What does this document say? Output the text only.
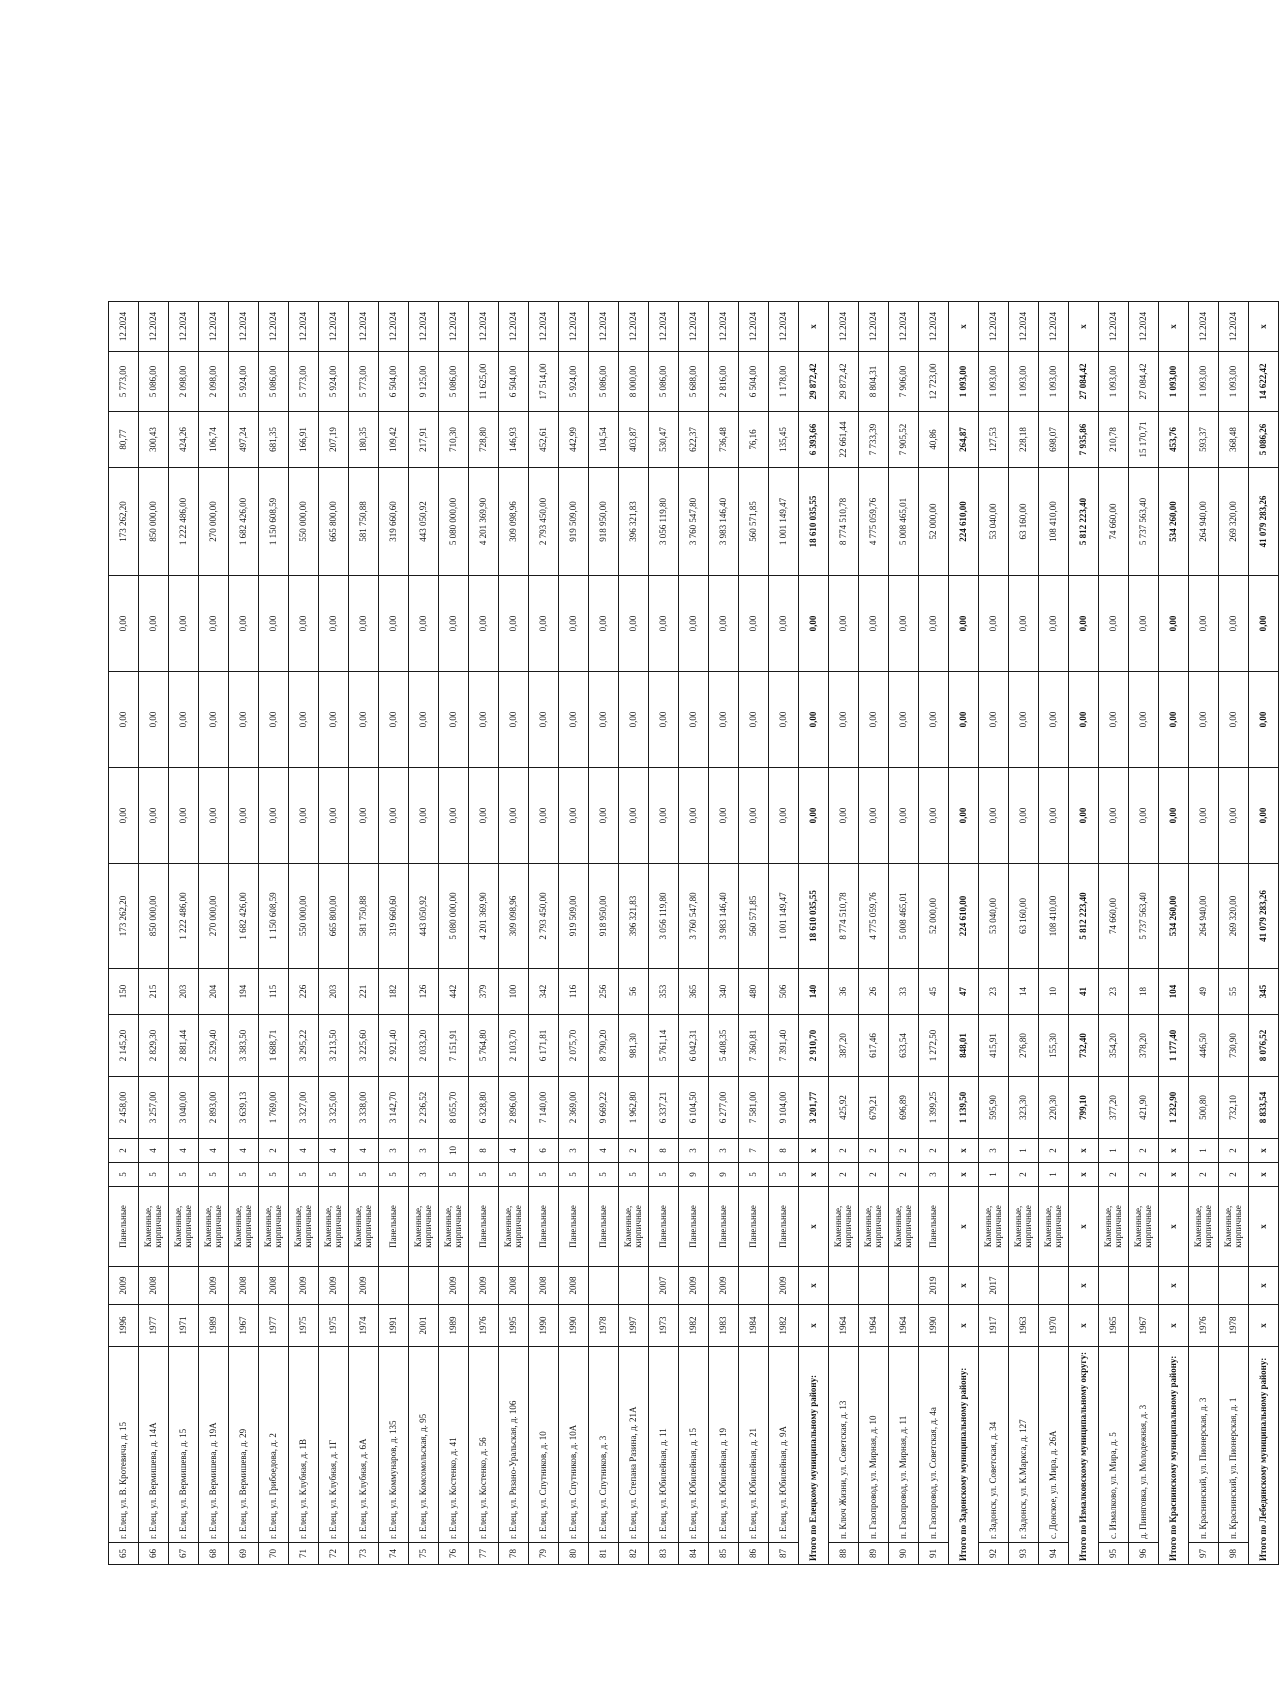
65	г. Елец, ул. В. Кротевича, д. 15	1996	2009	Панельные	5	2	2 458,00	2 145,20	150	173 262,20	0,00	0,00	0,00	173 262,20	80,77	5 773,00	12.2024
66	г. Елец, ул. Вермишева, д. 14А	1977	2008	Каменные, кирпичные	5	4	3 257,00	2 829,30	215	850 000,00	0,00	0,00	0,00	850 000,00	300,43	5 086,00	12.2024
67	г. Елец, ул. Вермишева, д. 15	1971		Каменные, кирпичные	5	4	3 040,00	2 881,44	203	1 222 486,00	0,00	0,00	0,00	1 222 486,00	424,26	2 098,00	12.2024
68	г. Елец, ул. Вермишева, д. 19А	1989	2009	Каменные, кирпичные	5	4	2 893,00	2 529,40	204	270 000,00	0,00	0,00	0,00	270 000,00	106,74	2 098,00	12.2024
69	г. Елец, ул. Вермишева, д. 29	1967	2008	Каменные, кирпичные	5	4	3 639,13	3 383,50	194	1 682 426,00	0,00	0,00	0,00	1 682 426,00	497,24	5 924,00	12.2024
70	г. Елец, ул. Грибоедова, д. 2	1977	2008	Каменные, кирпичные	5	2	1 769,00	1 688,71	115	1 150 608,59	0,00	0,00	0,00	1 150 608,59	681,35	5 086,00	12.2024
71	г. Елец, ул. Клубная, д. 1В	1975	2009	Каменные, кирпичные	5	4	3 327,00	3 295,22	226	550 000,00	0,00	0,00	0,00	550 000,00	166,91	5 773,00	12.2024
72	г. Елец, ул. Клубная, д. 1Г	1975	2009	Каменные, кирпичные	5	4	3 325,00	3 213,50	203	665 800,00	0,00	0,00	0,00	665 800,00	207,19	5 924,00	12.2024
73	г. Елец, ул. Клубная, д. 6А	1974	2009	Каменные, кирпичные	5	4	3 338,00	3 225,60	221	581 750,88	0,00	0,00	0,00	581 750,88	180,35	5 773,00	12.2024
74	г. Елец, ул. Коммунаров, д. 135	1991		Панельные	5	3	3 142,70	2 921,40	182	319 660,60	0,00	0,00	0,00	319 660,60	109,42	6 504,00	12.2024
75	г. Елец, ул. Комсомольская, д. 95	2001		Каменные, кирпичные	3	3	2 236,52	2 033,20	126	443 050,92	0,00	0,00	0,00	443 050,92	217,91	9 125,00	12.2024
76	г. Елец, ул. Костенко, д. 41	1989	2009	Каменные, кирпичные	5	10	8 055,70	7 151,91	442	5 080 000,00	0,00	0,00	0,00	5 080 000,00	710,30	5 086,00	12.2024
77	г. Елец, ул. Костенко, д. 56	1976	2009	Панельные	5	8	6 328,80	5 764,80	379	4 201 369,90	0,00	0,00	0,00	4 201 369,90	728,80	11 625,00	12.2024
78	г. Елец, ул. Рязано-Уральская, д. 106	1995	2008	Каменные, кирпичные	5	4	2 896,00	2 103,70	100	309 098,96	0,00	0,00	0,00	309 098,96	146,93	6 504,00	12.2024
79	г. Елец, ул. Спутников, д. 10	1990	2008	Панельные	5	6	7 140,00	6 171,81	342	2 793 450,00	0,00	0,00	0,00	2 793 450,00	452,61	17 514,00	12.2024
80	г. Елец, ул. Спутников, д. 10А	1990	2008	Панельные	5	3	2 369,00	2 075,70	116	919 509,00	0,00	0,00	0,00	919 509,00	442,99	5 924,00	12.2024
81	г. Елец, ул. Спутников, д. 3	1978		Панельные	5	4	9 669,22	8 790,20	256	918 950,00	0,00	0,00	0,00	918 950,00	104,54	5 086,00	12.2024
82	г. Елец, ул. Степана Разина, д. 21А	1997		Каменные, кирпичные	5	2	1 962,80	981,30	56	396 321,83	0,00	0,00	0,00	396 321,83	403,87	8 000,00	12.2024
83	г. Елец, ул. Юбилейная, д. 11	1973	2007	Панельные	5	8	6 337,21	5 761,14	353	3 056 119,80	0,00	0,00	0,00	3 056 119,80	530,47	5 086,00	12.2024
84	г. Елец, ул. Юбилейная, д. 15	1982	2009	Панельные	9	3	6 104,50	6 042,31	365	3 760 547,80	0,00	0,00	0,00	3 760 547,80	622,37	5 688,00	12.2024
85	г. Елец, ул. Юбилейная, д. 19	1983	2009	Панельные	9	3	6 277,00	5 408,35	340	3 983 146,40	0,00	0,00	0,00	3 983 146,40	736,48	2 816,00	12.2024
86	г. Елец, ул. Юбилейная, д. 21	1984		Панельные	5	7	7 581,00	7 360,81	480	560 571,85	0,00	0,00	0,00	560 571,85	76,16	6 504,00	12.2024
87	г. Елец, ул. Юбилейная, д. 9А	1982	2009	Панельные	5	8	9 104,00	7 391,40	506	1 001 149,47	0,00	0,00	0,00	1 001 149,47	135,45	1 178,00	12.2024
Итого по Елецкому муниципальному району:		х	х	х	х	х	3 201,77	2 910,70	140	18 610 035,55	0,00	0,00	0,00	18 610 035,55	6 393,66	29 872,42	х
88	п. Ключ Жизни, ул. Советская, д. 13	1964		Каменные, кирпичные	2	2	425,92	387,20	36	8 774 510,78	0,00	0,00	0,00	8 774 510,78	22 661,44	29 872,42	12.2024
89	п. Газопровод, ул. Мирная, д. 10	1964		Каменные, кирпичные	2	2	679,21	617,46	26	4 775 059,76	0,00	0,00	0,00	4 775 059,76	7 733,39	8 804,31	12.2024
90	п. Газопровод, ул. Мирная, д. 11	1964		Каменные, кирпичные	2	2	696,89	633,54	33	5 008 465,01	0,00	0,00	0,00	5 008 465,01	7 905,52	7 906,00	12.2024
91	п. Газопровод, ул. Советская, д. 4а	1990	2019	Панельные	3	2	1 399,25	1 272,50	45	52 000,00	0,00	0,00	0,00	52 000,00	40,86	12 723,00	12.2024
Итого по Задонскому муниципальному району:		х	х	х	х	х	1 139,50	848,01	47	224 610,00	0,00	0,00	0,00	224 610,00	264,87	1 093,00	х
92	г. Задонск, ул. Советская, д. 34	1917	2017	Каменные, кирпичные	1	3	595,90	415,91	23	53 040,00	0,00	0,00	0,00	53 040,00	127,53	1 093,00	12.2024
93	г. Задонск, ул. К.Маркса, д. 127	1963		Каменные, кирпичные	2	1	323,30	276,80	14	63 160,00	0,00	0,00	0,00	63 160,00	228,18	1 093,00	12.2024
94	с. Донское, ул. Мира, д. 26А	1970		Каменные, кирпичные	1	2	220,30	155,30	10	108 410,00	0,00	0,00	0,00	108 410,00	698,07	1 093,00	12.2024
Итого по Измалковскому муниципальному округу:		х	х	х	х	х	799,10	732,40	41	5 812 223,40	0,00	0,00	0,00	5 812 223,40	7 935,86	27 084,42	х
95	с. Измалково, ул. Мира, д. 5	1965		Каменные, кирпичные	2	1	377,20	354,20	23	74 660,00	0,00	0,00	0,00	74 660,00	210,78	1 093,00	12.2024
96	д. Пиняговка, ул. Молодежная, д. 3	1967		Каменные, кирпичные	2	2	421,90	378,20	18	5 737 563,40	0,00	0,00	0,00	5 737 563,40	15 170,71	27 084,42	12.2024
Итого по Краснинскому муниципальному району:		х	х	х	х	х	1 232,90	1 177,40	104	534 260,00	0,00	0,00	0,00	534 260,00	453,76	1 093,00	х
97	п. Краснинский, ул. Пионерская, д. 3	1976		Каменные, кирпичные	2	1	500,80	446,50	49	264 940,00	0,00	0,00	0,00	264 940,00	593,37	1 093,00	12.2024
98	п. Краснинский, ул. Пионерская, д. 1	1978		Каменные, кирпичные	2	2	732,10	730,90	55	269 320,00	0,00	0,00	0,00	269 320,00	368,48	1 093,00	12.2024
Итого по Лебедянскому муниципальному району:		х	х	х	х	х	8 833,54	8 076,52	345	41 079 283,26	0,00	0,00	0,00	41 079 283,26	5 086,26	14 622,42	х
